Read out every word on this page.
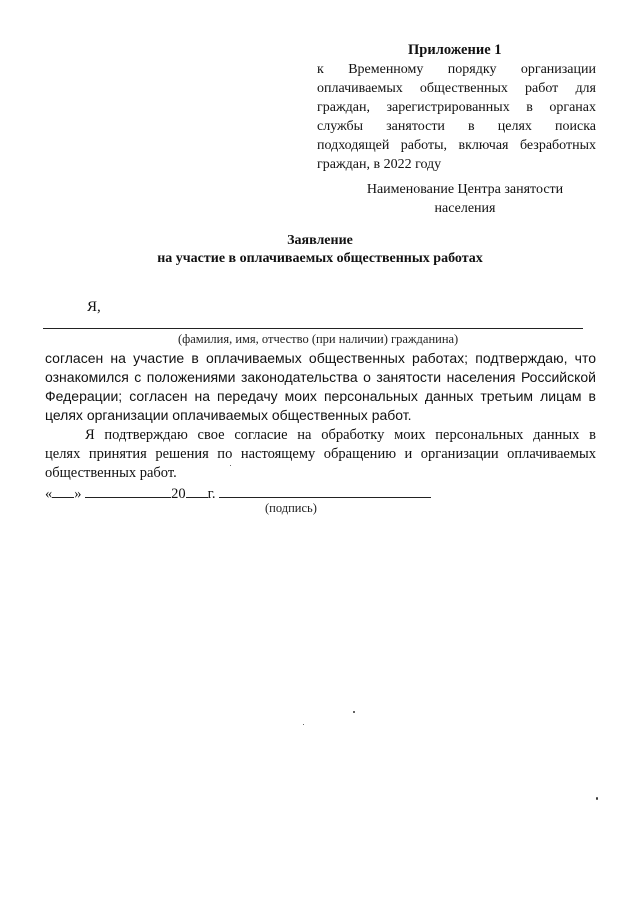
Приложение 1
к Временному порядку организации
оплачиваемых общественных работ для
граждан, зарегистрированных в органах
службы занятости в целях поиска
подходящей работы, включая безработных
граждан, в 2022 году
Наименование Центра занятости
населения
Заявление
на участие в оплачиваемых общественных работах
Я,
(фамилия, имя, отчество (при наличии) гражданина)
согласен на участие в оплачиваемых общественных работах; подтверждаю, что
ознакомился с положениями законодательства о занятости населения Российской
Федерации; согласен на передачу моих персональных данных третьим лицам в
целях организации оплачиваемых общественных работ.
Я подтверждаю свое согласие на обработку моих персональных данных в
целях принятия решения по настоящему обращению и организации оплачиваемых
общественных работ.
« »	20 г.
(подпись)
